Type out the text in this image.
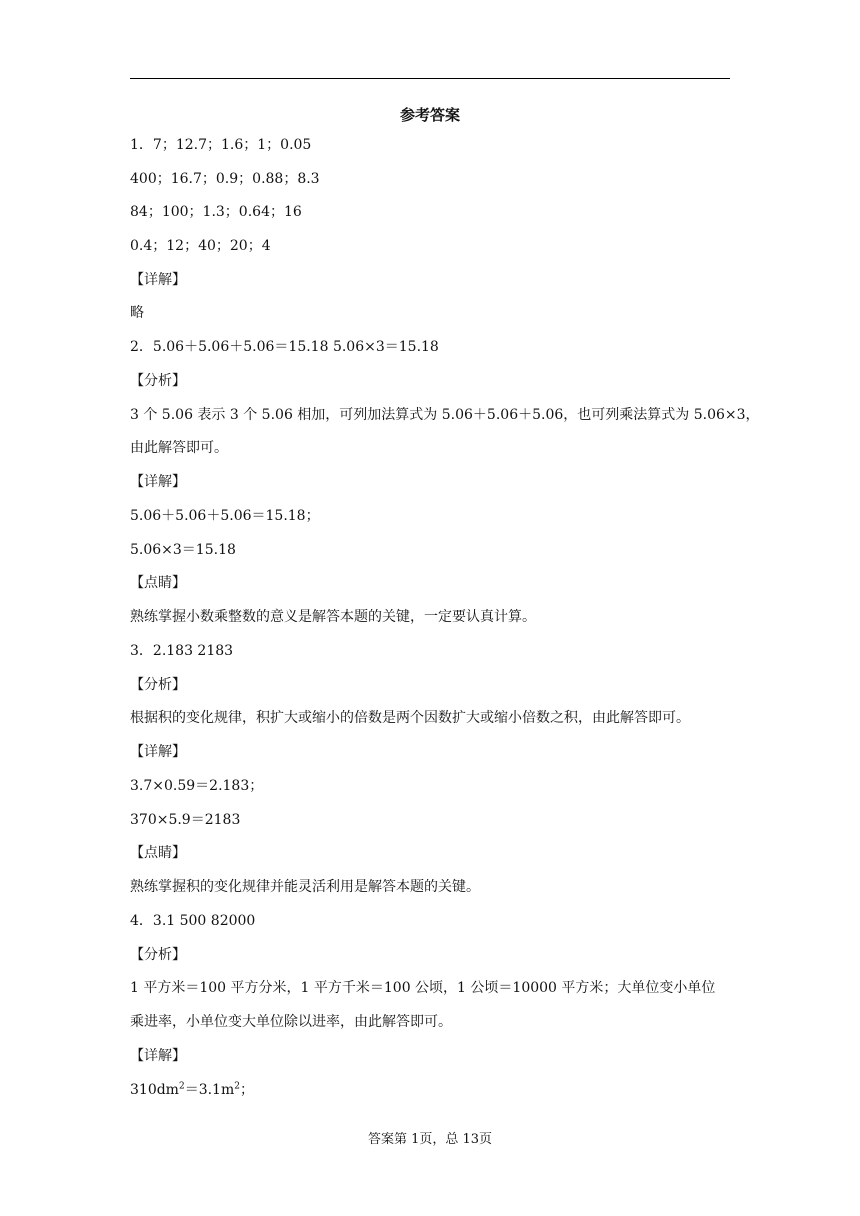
参考答案
1．7；12.7；1.6；1；0.05
400；16.7；0.9；0.88；8.3
84；100；1.3；0.64；16
0.4；12；40；20；4
【详解】
略
2．5.06＋5.06＋5.06＝15.18 5.06×3＝15.18
【分析】
3 个 5.06 表示 3 个 5.06 相加，可列加法算式为 5.06＋5.06＋5.06，也可列乘法算式为 5.06×3，
由此解答即可。
【详解】
5.06＋5.06＋5.06＝15.18；
5.06×3＝15.18
【点睛】
熟练掌握小数乘整数的意义是解答本题的关键，一定要认真计算。
3．2.183 2183
【分析】
根据积的变化规律，积扩大或缩小的倍数是两个因数扩大或缩小倍数之积，由此解答即可。
【详解】
3.7×0.59＝2.183；
370×5.9＝2183
【点睛】
熟练掌握积的变化规律并能灵活利用是解答本题的关键。
4．3.1 500 82000
【分析】
1 平方米＝100 平方分米，1 平方千米＝100 公顷，1 公顷＝10000 平方米；大单位变小单位
乘进率，小单位变大单位除以进率，由此解答即可。
【详解】
$310dm^2=3.1m^2$；
答案第 1页，总 13页
